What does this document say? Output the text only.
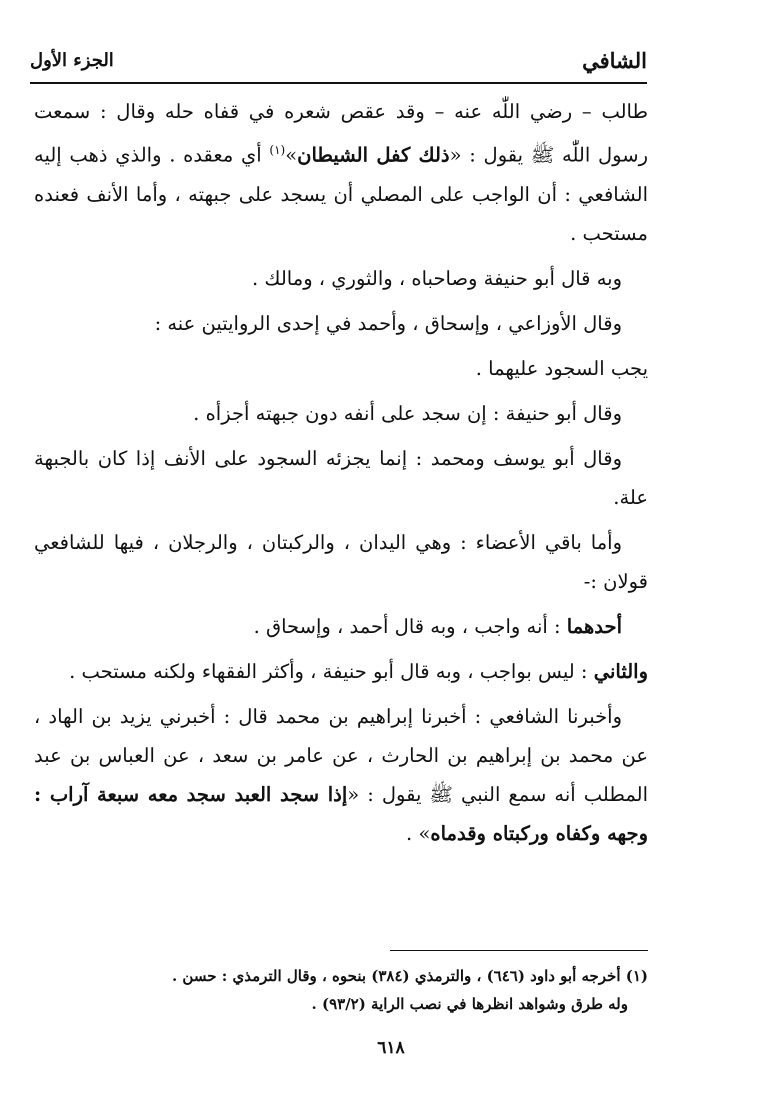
الشافي
الجزء الأول

طالب – رضي اللّٰه عنه – وقد عقص شعره في قفاه حله وقال : سمعت رسول اللّٰه ﷺ يقول : «ذلك كفل الشيطان»$^{(١)}$ أي معقده . والذي ذهب إليه الشافعي : أن الواجب على المصلي أن يسجد على جبهته ، وأما الأنف فعنده مستحب .

وبه قال أبو حنيفة وصاحباه ، والثوري ، ومالك .

وقال الأوزاعي ، وإسحاق ، وأحمد في إحدى الروايتين عنه :

يجب السجود عليهما .

وقال أبو حنيفة : إن سجد على أنفه دون جبهته أجزأه .

وقال أبو يوسف ومحمد : إنما يجزئه السجود على الأنف إذا كان بالجبهة علة.

وأما باقي الأعضاء : وهي اليدان ، والركبتان ، والرجلان ، فيها للشافعي قولان :-

أحدهما : أنه واجب ، وبه قال أحمد ، وإسحاق .

والثاني : ليس بواجب ، وبه قال أبو حنيفة ، وأكثر الفقهاء ولكنه مستحب .

وأخبرنا الشافعي : أخبرنا إبراهيم بن محمد قال : أخبرني يزيد بن الهاد ، عن محمد بن إبراهيم بن الحارث ، عن عامر بن سعد ، عن العباس بن عبد المطلب أنه سمع النبي ﷺ يقول : «إذا سجد العبد سجد معه سبعة آراب : وجهه وكفاه وركبتاه وقدماه» .

(١) أخرجه أبو داود (٦٤٦) ، والترمذي (٣٨٤) بنحوه ، وقال الترمذي : حسن .

وله طرق وشواهد انظرها في نصب الراية (٩٣/٢) .

٦١٨
